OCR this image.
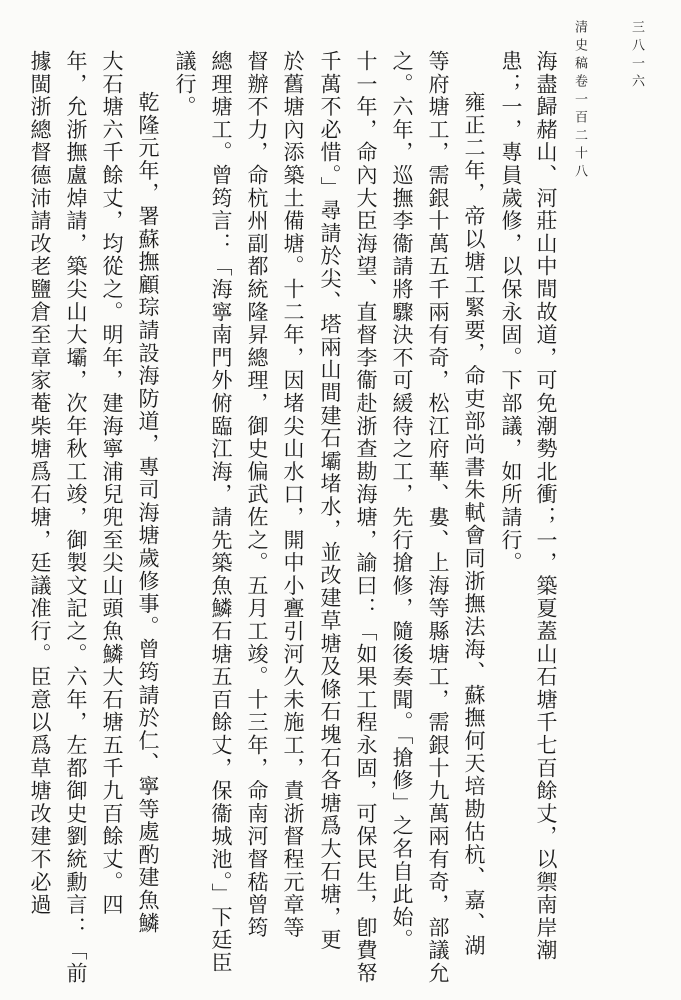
清史稿卷一百二十八	三八一六
海盡歸赭山、河莊山中間故道，可免潮勢北衝；一，築夏蓋山石塘千七百餘丈，以禦南岸潮
患；一，專員歲修，以保永固。下部議，如所請行。
雍正二年，帝以塘工緊要，命吏部尚書朱軾會同浙撫法海、蘇撫何天培勘估杭、嘉、湖
等府塘工，需銀十萬五千兩有奇，松江府華、婁、上海等縣塘工，需銀十九萬兩有奇，部議允
之。六年，巡撫李衞請將驟決不可緩待之工，先行搶修，隨後奏聞。「搶修」之名自此始。
十一年，命內大臣海望、直督李衞赴浙查勘海塘，諭曰：「如果工程永固，可保民生，卽費帑
千萬不必惜。」尋請於尖、塔兩山間建石壩堵水，並改建草塘及條石塊石各塘爲大石塘，更
於舊塘內添築土備塘。十二年，因堵尖山水口，開中小亹引河久未施工，責浙督程元章等
督辦不力，命杭州副都統隆昇總理，御史偏武佐之。五月工竣。十三年，命南河督嵇曾筠
總理塘工。曾筠言：「海寧南門外俯臨江海，請先築魚鱗石塘五百餘丈，保衞城池。」下廷臣
議行。
乾隆元年，署蘇撫顧琮請設海防道，專司海塘歲修事。曾筠請於仁、寧等處酌建魚鱗
大石塘六千餘丈，均從之。明年，建海寧浦兒兜至尖山頭魚鱗大石塘五千九百餘丈。四
年，允浙撫盧焯請，築尖山大壩，次年秋工竣，御製文記之。六年，左都御史劉統勳言：「前
據閩浙總督德沛請改老鹽倉至章家菴柴塘爲石塘，廷議准行。臣意以爲草塘改建不必過
